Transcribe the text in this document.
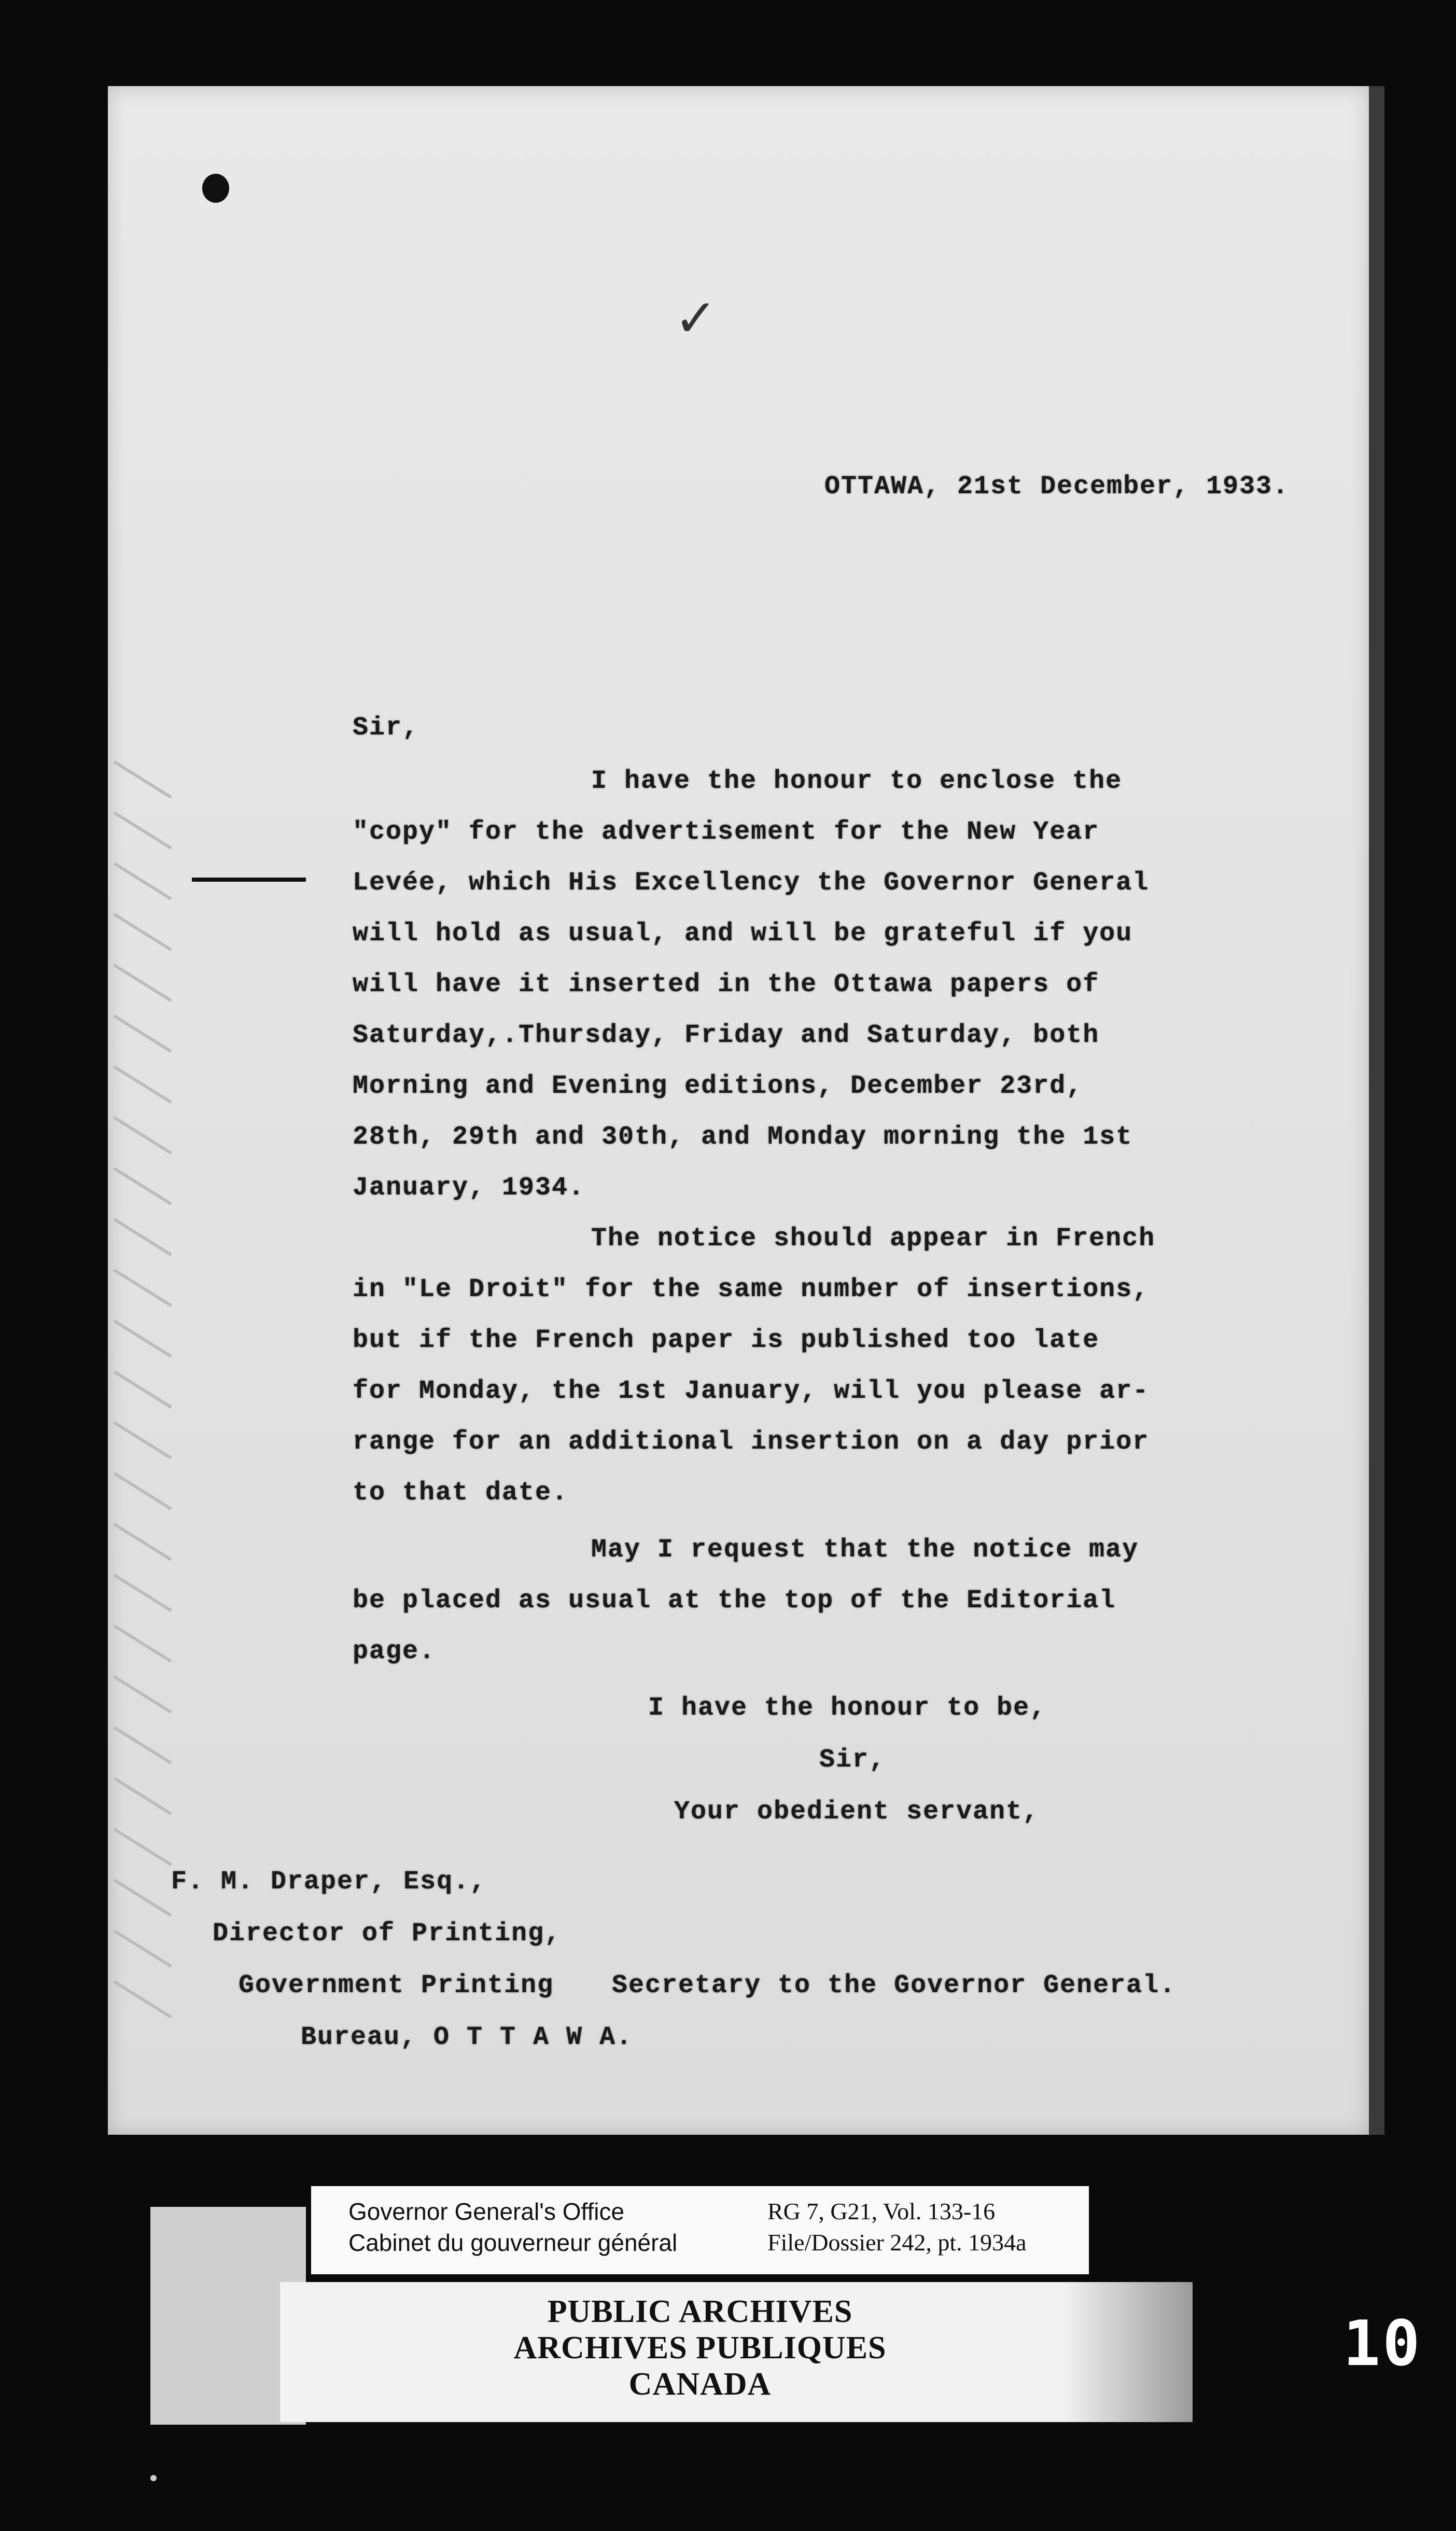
✓
OTTAWA, 21st December, 1933.
Sir,
I have the honour to enclose the
"copy" for the advertisement for the New Year
Levée, which His Excellency the Governor General
will hold as usual, and will be grateful if you
will have it inserted in the Ottawa papers of
Saturday,.Thursday, Friday and Saturday, both
Morning and Evening editions, December 23rd,
28th, 29th and 30th, and Monday morning the 1st
January, 1934.
The notice should appear in French
in "Le Droit" for the same number of insertions,
but if the French paper is published too late
for Monday, the 1st January, will you please ar-
range for an additional insertion on a day prior
to that date.
May I request that the notice may
be placed as usual at the top of the Editorial
page.
I have the honour to be,
Sir,
Your obedient servant,
F. M. Draper, Esq.,
Director of Printing,
Government Printing
Bureau, O T T A W A.
Secretary to the Governor General.
Governor General's Office
Cabinet du gouverneur général
RG 7, G21, Vol. 133-16
File/Dossier 242, pt. 1934a
PUBLIC ARCHIVES
ARCHIVES PUBLIQUES
CANADA
10
